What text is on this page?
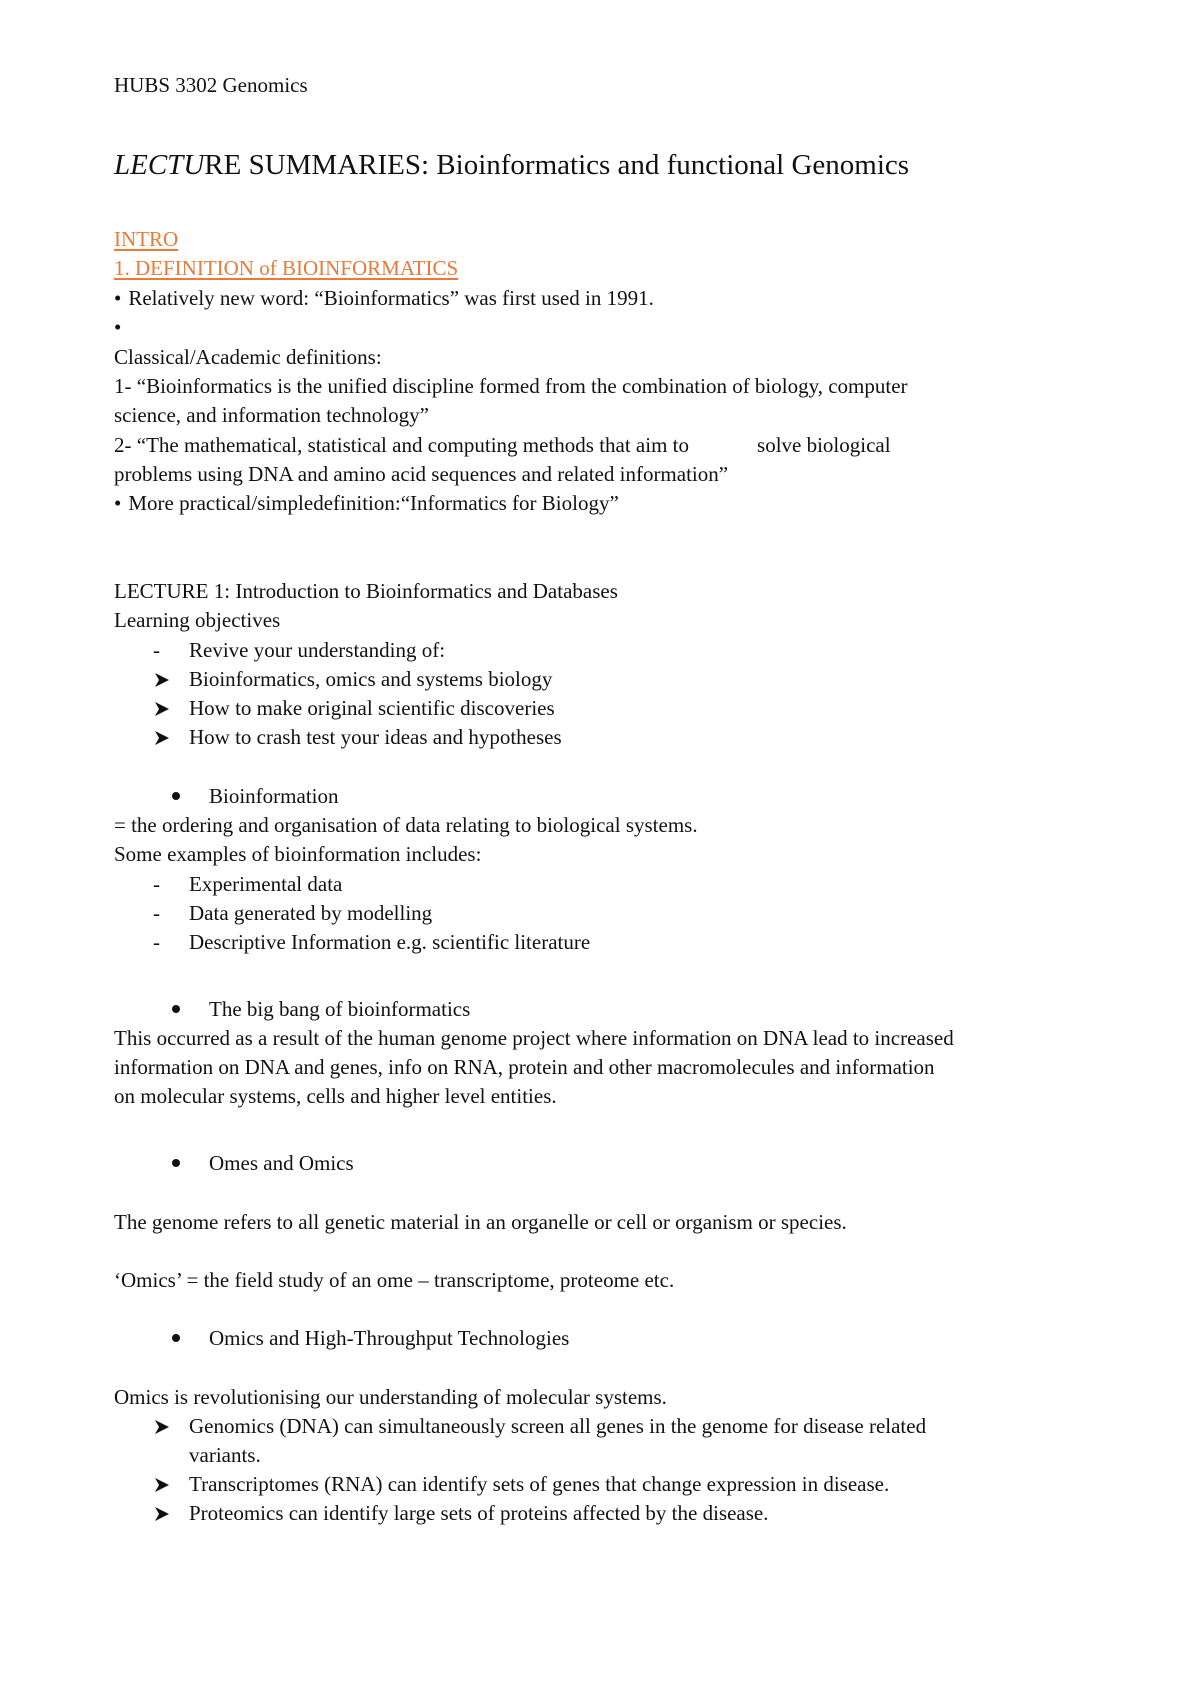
HUBS 3302 Genomics
LECTURE SUMMARIES: Bioinformatics and functional Genomics
INTRO
1. DEFINITION of BIOINFORMATICS
• Relatively new word: “Bioinformatics” was first used in 1991.
•
Classical/Academic definitions:
1- “Bioinformatics is the unified discipline formed from the combination of biology, computer
science, and information technology”
2- “The mathematical, statistical and computing methods that aim to	solve biological
problems using DNA and amino acid sequences and related information”
• More practical/simpledefinition:“Informatics for Biology”
LECTURE 1: Introduction to Bioinformatics and Databases
Learning objectives
- Revive your understanding of:
Bioinformatics, omics and systems biology
How to make original scientific discoveries
How to crash test your ideas and hypotheses
Bioinformation
= the ordering and organisation of data relating to biological systems.
Some examples of bioinformation includes:
- Experimental data
- Data generated by modelling
- Descriptive Information e.g. scientific literature
The big bang of bioinformatics
This occurred as a result of the human genome project where information on DNA lead to increased
information on DNA and genes, info on RNA, protein and other macromolecules and information
on molecular systems, cells and higher level entities.
Omes and Omics
The genome refers to all genetic material in an organelle or cell or organism or species.
‘Omics’ = the field study of an ome – transcriptome, proteome etc.
Omics and High-Throughput Technologies
Omics is revolutionising our understanding of molecular systems.
Genomics (DNA) can simultaneously screen all genes in the genome for disease related
variants.
Transcriptomes (RNA) can identify sets of genes that change expression in disease.
Proteomics can identify large sets of proteins affected by the disease.
